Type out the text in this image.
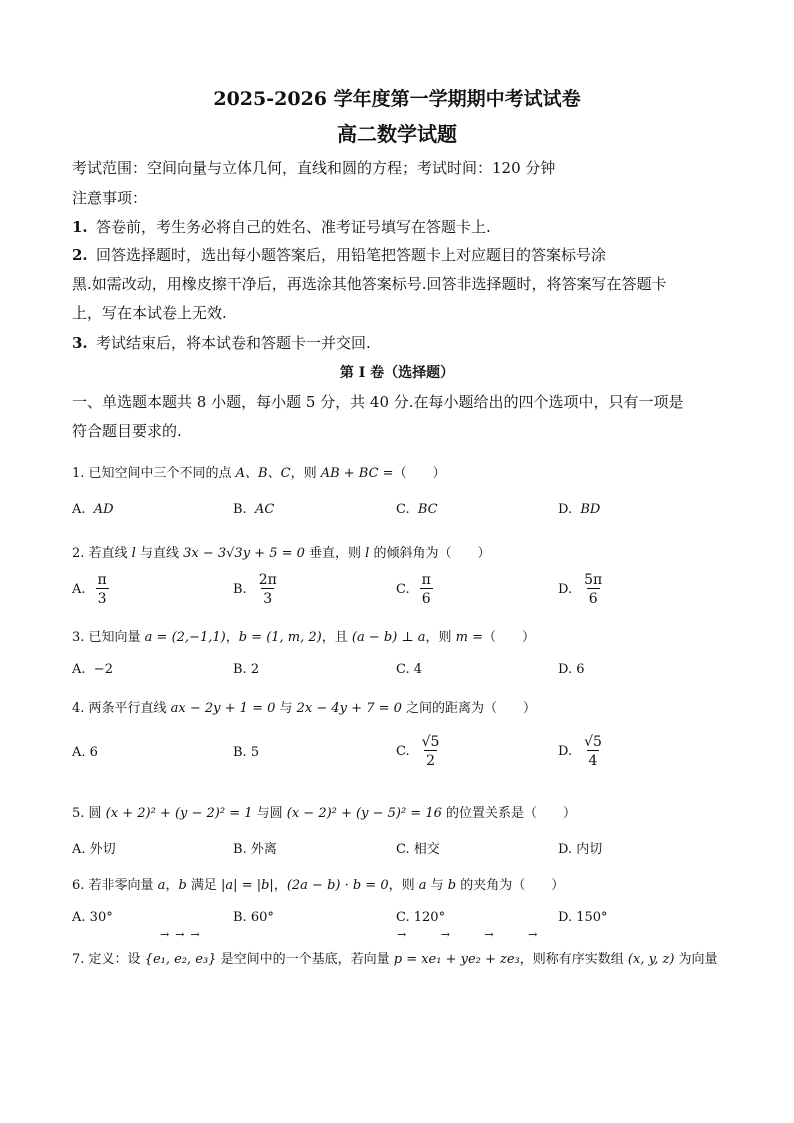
2025-2026 学年度第一学期期中考试试卷
高二数学试题
考试范围：空间向量与立体几何，直线和圆的方程；考试时间：120 分钟
注意事项：
1. 答卷前，考生务必将自己的姓名、准考证号填写在答题卡上.
2. 回答选择题时，选出每小题答案后，用铅笔把答题卡上对应题目的答案标号涂
黑.如需改动，用橡皮擦干净后，再选涂其他答案标号.回答非选择题时，将答案写在答题卡
上，写在本试卷上无效.
3. 考试结束后，将本试卷和答题卡一并交回.
第 I 卷（选择题）
一、单选题本题共 8 小题，每小题 5 分，共 40 分.在每小题给出的四个选项中，只有一项是
符合题目要求的.
1. 已知空间中三个不同的点 A、B、C，则 AB + BC =（　　）
A. AD	B. AC	C. BC	D. BD
2. 若直线 l 与直线 3x − 3√3y + 5 = 0 垂直，则 l 的倾斜角为（　　）
A. $\frac{\pi}{3}$	B. $\frac{2\pi}{3}$	C. $\frac{\pi}{6}$	D. $\frac{5\pi}{6}$
3. 已知向量 a = (2,−1,1)，b = (1, m, 2)，且 (a − b) ⊥ a，则 m =（　　）
A. −2	B. 2	C. 4	D. 6
4. 两条平行直线 ax − 2y + 1 = 0 与 2x − 4y + 7 = 0 之间的距离为（　　）
A. 6	B. 5	C. $\frac{√5}{2}$	D. $\frac{√5}{4}$
5. 圆 (x + 2)² + (y − 2)² = 1 与圆 (x − 2)² + (y − 5)² = 16 的位置关系是（　　）
A. 外切	B. 外离	C. 相交	D. 内切
6. 若非零向量 a，b 满足 |a| = |b|，(2a − b) · b = 0，则 a 与 b 的夹角为（　　）
A. 30°	B. 60°	C. 120°	D. 150°
→→→	→   →   →   →
7. 定义：设 {e₁, e₂, e₃} 是空间中的一个基底，若向量 p = xe₁ + ye₂ + ze₃，则称有序实数组 (x, y, z) 为向量
